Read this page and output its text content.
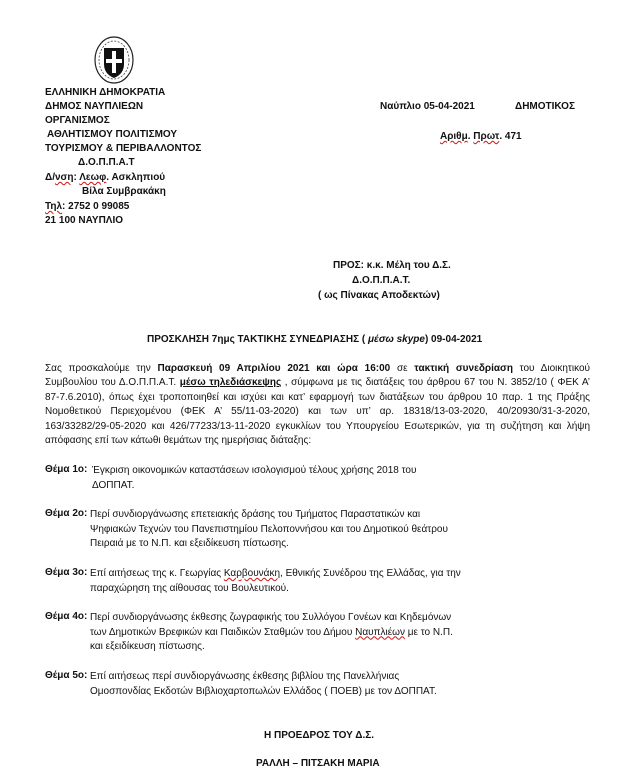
ΕΛΛΗΝΙΚΗ ΔΗΜΟΚΡΑΤΙΑ
ΔΗΜΟΣ ΝΑΥΠΛΙΕΩΝ
ΟΡΓΑΝΙΣΜΟΣ
ΑΘΛΗΤΙΣΜΟΥ ΠΟΛΙΤΙΣΜΟΥ
ΤΟΥΡΙΣΜΟΥ & ΠΕΡΙΒΑΛΛΟΝΤΟΣ
Δ.Ο.Π.Π.Α.Τ
Δ/νση: Λεωφ. Ασκληπιού
Βίλα Συμβρακάκη
Τηλ: 2752 0 99085
21 100 ΝΑΥΠΛΙΟ
Ναύπλιο 05-04-2021	ΔΗΜΟΤΙΚΟΣ
Αριθμ. Πρωτ. 471
ΠΡΟΣ: κ.κ. Μέλη του Δ.Σ.
Δ.Ο.Π.Π.Α.Τ.
( ως Πίνακας Αποδεκτών)
ΠΡΟΣΚΛΗΣΗ 7ημς ΤΑΚΤΙΚΗΣ ΣΥΝΕΔΡΙΑΣΗΣ ( μέσω skype) 09-04-2021
Σας προσκαλούμε την Παρασκευή 09 Απριλίου 2021 και ώρα 16:00 σε τακτική συνεδρίαση του Διοικητικού Συμβουλίου του Δ.Ο.Π.Π.Α.Τ. μέσω τηλεδιάσκεψης , σύμφωνα με τις διατάξεις του άρθρου 67 του Ν. 3852/10 ( ΦΕΚ Α’ 87-7.6.2010), όπως έχει τροποποιηθεί και ισχύει και κατ’ εφαρμογή των διατάξεων του άρθρου 10 παρ. 1 της Πράξης Νομοθετικού Περιεχομένου (ΦΕΚ Α’ 55/11-03-2020) και των υπ’ αρ. 18318/13-03-2020, 40/20930/31-3-2020, 163/33282/29-05-2020 και 426/77233/13-11-2020 εγκυκλίων του Υπουργείου Εσωτερικών, για τη συζήτηση και λήψη απόφασης επί των κάτωθι θεμάτων της ημερήσιας διάταξης:
Θέμα 1ο: Έγκριση οικονομικών καταστάσεων ισολογισμού τέλους χρήσης 2018 του
ΔΟΠΠΑΤ.
Θέμα 2ο: Περί συνδιοργάνωσης επετειακής δράσης του Τμήματος Παραστατικών και
Ψηφιακών Τεχνών του Πανεπιστημίου Πελοποννήσου και του Δημοτικού θεάτρου
Πειραιά με το Ν.Π. και εξειδίκευση πίστωσης.
Θέμα 3ο: Επί αιτήσεως της κ. Γεωργίας Καρβουνάκη, Εθνικής Συνέδρου της Ελλάδας, για την
παραχώρηση της αίθουσας του Βουλευτικού.
Θέμα 4ο: Περί συνδιοργάνωσης έκθεσης ζωγραφικής του Συλλόγου Γονέων και Κηδεμόνων
των Δημοτικών Βρεφικών και Παιδικών Σταθμών του Δήμου Ναυπλιέων με το Ν.Π.
και εξειδίκευση πίστωσης.
Θέμα 5ο: Επί αιτήσεως περί συνδιοργάνωσης έκθεσης βιβλίου της Πανελλήνιας
Ομοσπονδίας Εκδοτών Βιβλιοχαρτοπωλών Ελλάδος ( ΠΟΕΒ) με τον ΔΟΠΠΑΤ.
Η ΠΡΟΕΔΡΟΣ ΤΟΥ Δ.Σ.
ΡΑΛΛΗ – ΠΙΤΣΑΚΗ ΜΑΡΙΑ
